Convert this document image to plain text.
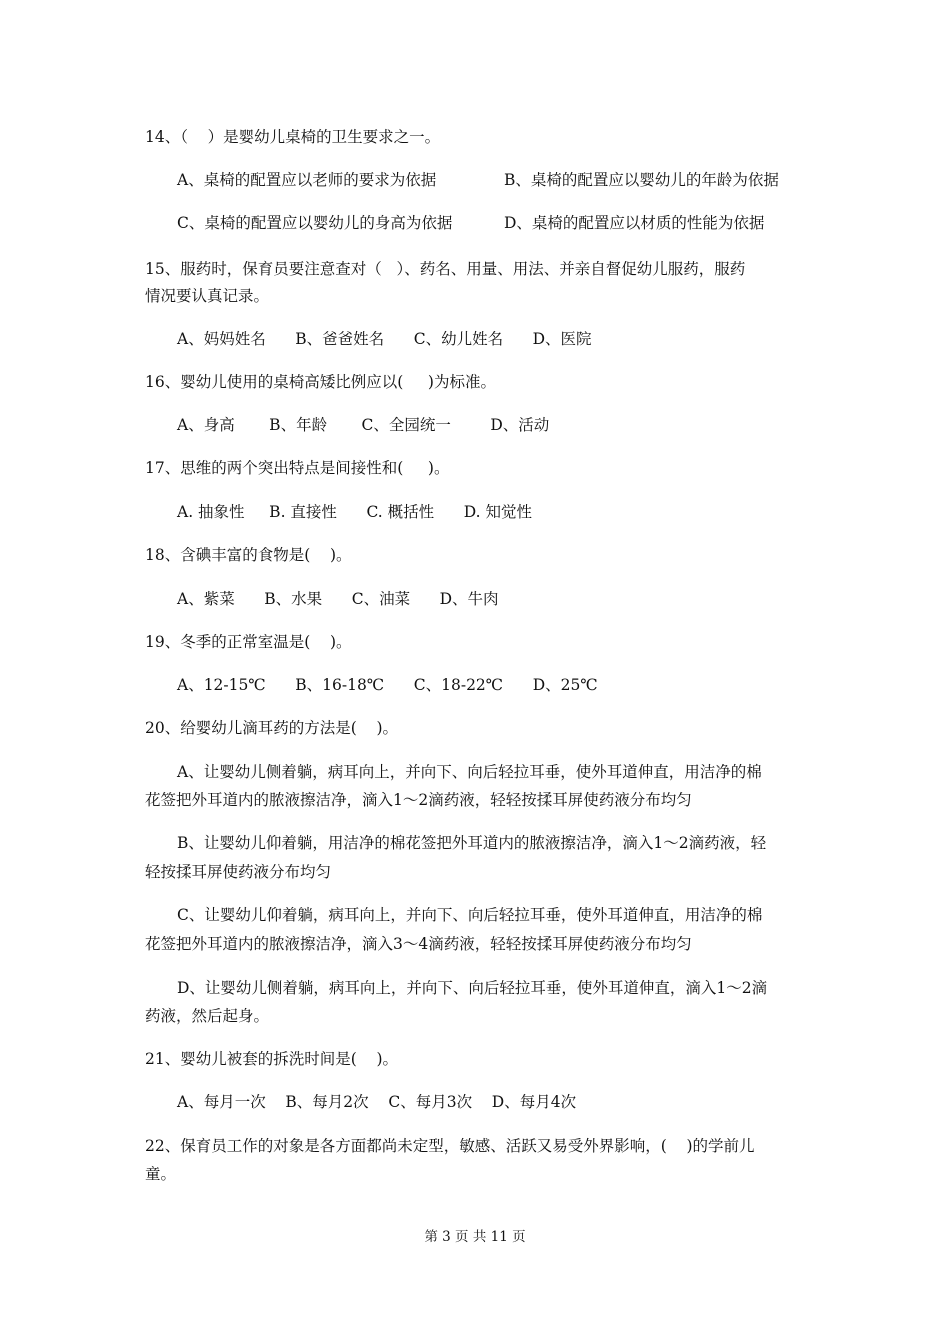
14、（    ）是婴幼儿桌椅的卫生要求之一。
A、桌椅的配置应以老师的要求为依据	B、桌椅的配置应以婴幼儿的年龄为依据
C、桌椅的配置应以婴幼儿的身高为依据	D、桌椅的配置应以材质的性能为依据
15、服药时，保育员要注意查对（   ）、药名、用量、用法、并亲自督促幼儿服药，服药
情况要认真记录。
A、妈妈姓名      B、爸爸姓名      C、幼儿姓名      D、医院
16、婴幼儿使用的桌椅高矮比例应以(     )为标准。
A、身高       B、年龄       C、全园统一        D、活动
17、思维的两个突出特点是间接性和(     )。
A. 抽象性     B. 直接性      C. 概括性      D. 知觉性
18、含碘丰富的食物是(    )。
A、紫菜      B、水果      C、油菜      D、牛肉
19、冬季的正常室温是(    )。
A、12-15℃      B、16-18℃      C、18-22℃      D、25℃
20、给婴幼儿滴耳药的方法是(    )。
A、让婴幼儿侧着躺，病耳向上，并向下、向后轻拉耳垂，使外耳道伸直，用洁净的棉
花签把外耳道内的脓液擦洁净，滴入1～2滴药液，轻轻按揉耳屏使药液分布均匀
B、让婴幼儿仰着躺，用洁净的棉花签把外耳道内的脓液擦洁净，滴入1～2滴药液，轻
轻按揉耳屏使药液分布均匀
C、让婴幼儿仰着躺，病耳向上，并向下、向后轻拉耳垂，使外耳道伸直，用洁净的棉
花签把外耳道内的脓液擦洁净，滴入3～4滴药液，轻轻按揉耳屏使药液分布均匀
D、让婴幼儿侧着躺，病耳向上，并向下、向后轻拉耳垂，使外耳道伸直，滴入1～2滴
药液，然后起身。
21、婴幼儿被套的拆洗时间是(    )。
A、每月一次    B、每月2次    C、每月3次    D、每月4次
22、保育员工作的对象是各方面都尚未定型，敏感、活跃又易受外界影响，(    )的学前儿
童。
第 3 页 共 11 页
